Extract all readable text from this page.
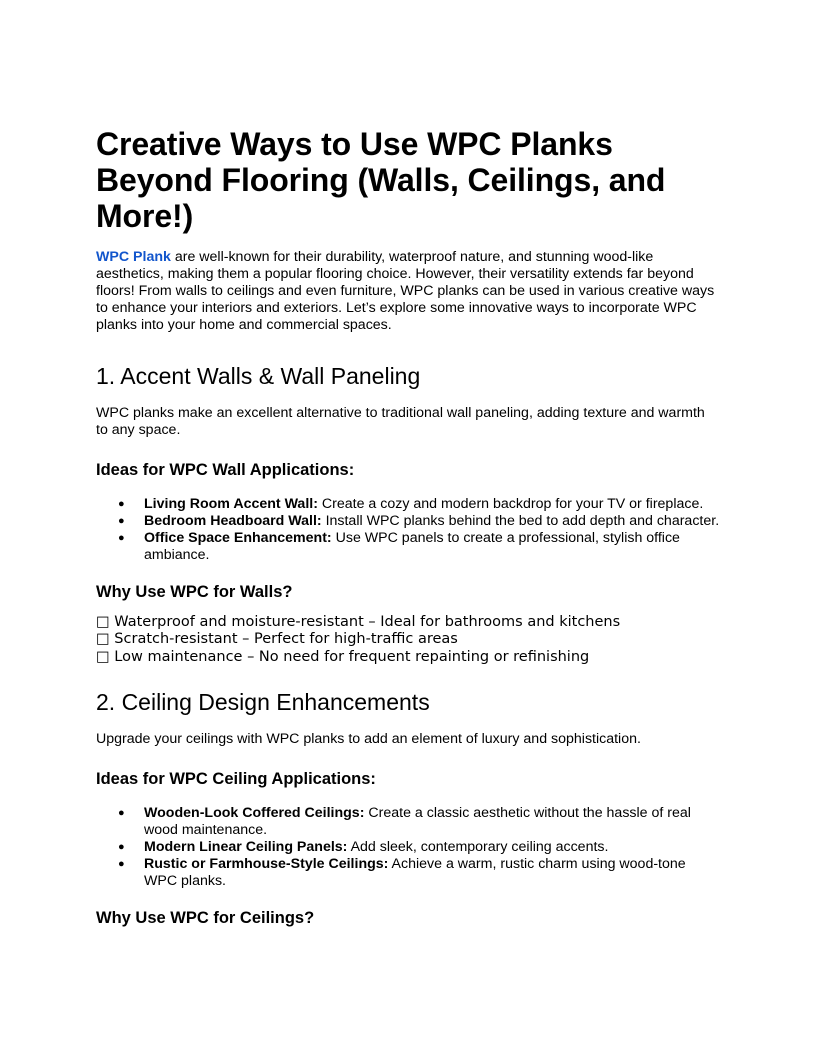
Creative Ways to Use WPC Planks Beyond Flooring (Walls, Ceilings, and More!)

WPC Plank are well-known for their durability, waterproof nature, and stunning wood-like aesthetics, making them a popular flooring choice. However, their versatility extends far beyond floors! From walls to ceilings and even furniture, WPC planks can be used in various creative ways to enhance your interiors and exteriors. Let’s explore some innovative ways to incorporate WPC planks into your home and commercial spaces.

1. Accent Walls & Wall Paneling

WPC planks make an excellent alternative to traditional wall paneling, adding texture and warmth to any space.

Ideas for WPC Wall Applications:
● Living Room Accent Wall: Create a cozy and modern backdrop for your TV or fireplace.
● Bedroom Headboard Wall: Install WPC planks behind the bed to add depth and character.
● Office Space Enhancement: Use WPC panels to create a professional, stylish office ambiance.
Why Use WPC for Walls?
□ Waterproof and moisture-resistant – Ideal for bathrooms and kitchens
□ Scratch-resistant – Perfect for high-traffic areas
□ Low maintenance – No need for frequent repainting or refinishing
2. Ceiling Design Enhancements

Upgrade your ceilings with WPC planks to add an element of luxury and sophistication.

Ideas for WPC Ceiling Applications:
● Wooden-Look Coffered Ceilings: Create a classic aesthetic without the hassle of real wood maintenance.
● Modern Linear Ceiling Panels: Add sleek, contemporary ceiling accents.
● Rustic or Farmhouse-Style Ceilings: Achieve a warm, rustic charm using wood-tone WPC planks.
Why Use WPC for Ceilings?
